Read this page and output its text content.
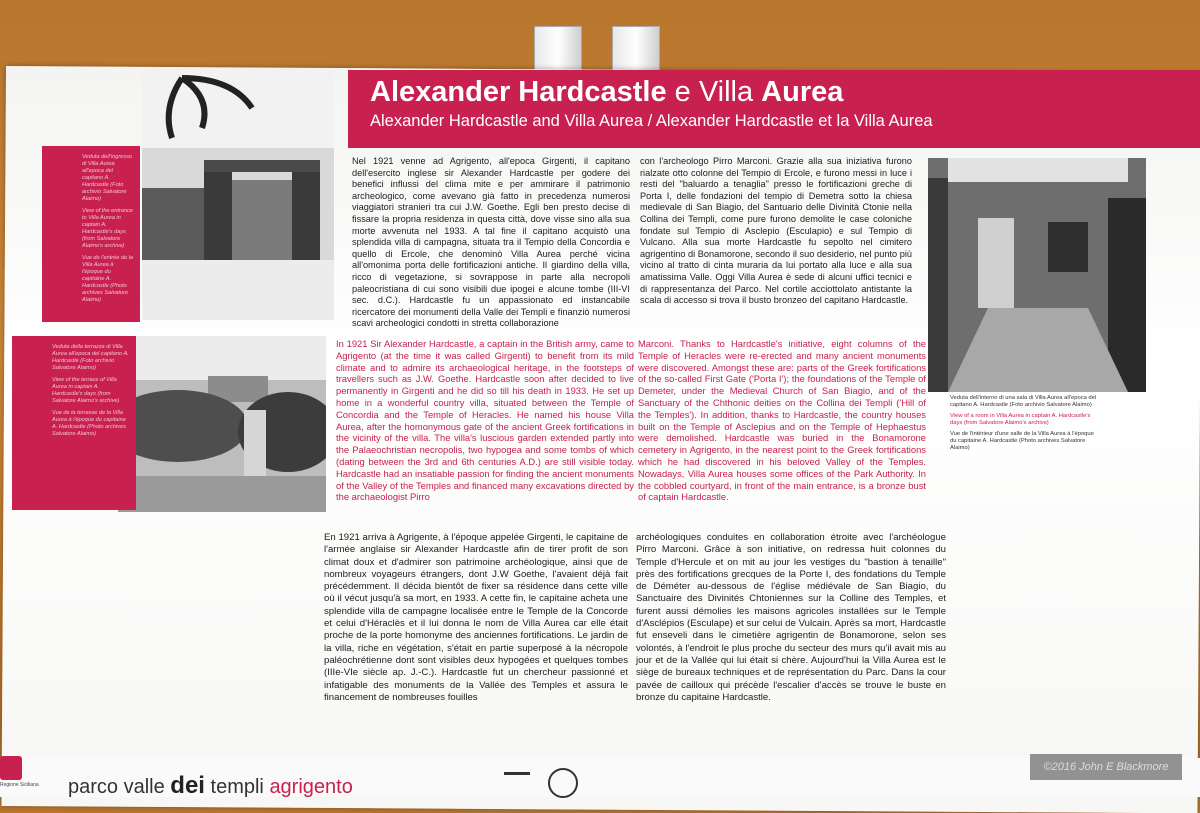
Alexander Hardcastle e Villa Aurea
Alexander Hardcastle and Villa Aurea / Alexander Hardcastle et la Villa Aurea

Veduta dell'ingresso di Villa Aurea all'epoca del capitano A. Hardcastle (Foto archivio Salvatore Alaimo)

View of the entrance to Villa Aurea in captain A. Hardcastle's days (from Salvatore Alaimo's archive)

Vue de l'entrée de la Villa Aurea à l'époque du capitaine A. Hardcastle (Photo archives Salvatore Alaimo)

Veduta della terrazza di Villa Aurea all'epoca del capitano A. Hardcastle (Foto archivio Salvatore Alaimo)

View of the terrace of Villa Aurea in captain A. Hardcastle's days (from Salvatore Alaimo's archive)

Vue de la terrasse de la Villa Aurea à l'époque du capitaine A. Hardcastle (Photo archives Salvatore Alaimo)

Veduta dell'interno di una sala di Villa Aurea all'epoca del capitano A. Hardcastle (Foto archivio Salvatore Alaimo)

View of a room in Villa Aurea in captain A. Hardcastle's days (from Salvatore Alaimo's archive)

Vue de l'intérieur d'une salle de la Villa Aurea à l'époque du capitaine A. Hardcastle (Photo archives Salvatore Alaimo)

Nel 1921 venne ad Agrigento, all'epoca Girgenti, il capitano dell'esercito inglese sir Alexander Hardcastle per godere dei benefici influssi del clima mite e per ammirare il patrimonio archeologico, come avevano già fatto in precedenza numerosi viaggiatori stranieri tra cui J.W. Goethe. Egli ben presto decise di fissare la propria residenza in questa città, dove visse sino alla sua morte avvenuta nel 1933. A tal fine il capitano acquistò una splendida villa di campagna, situata tra il Tempio della Concordia e quello di Ercole, che denominò Villa Aurea perché vicina all'omonima porta delle fortificazioni antiche. Il giardino della villa, ricco di vegetazione, si sovrappose in parte alla necropoli paleocristiana di cui sono visibili due ipogei e alcune tombe (III-VI sec. d.C.). Hardcastle fu un appassionato ed instancabile ricercatore dei monumenti della Valle dei Templi e finanziò numerosi scavi archeologici condotti in stretta collaborazione

con l'archeologo Pirro Marconi. Grazie alla sua iniziativa furono rialzate otto colonne del Tempio di Ercole, e furono messi in luce i resti del "baluardo a tenaglia" presso le fortificazioni greche di Porta I, delle fondazioni del tempio di Demetra sotto la chiesa medievale di San Biagio, del Santuario delle Divinità Ctonie nella Collina dei Templi, come pure furono demolite le case coloniche fondate sul Tempio di Asclepio (Esculapio) e sul Tempio di Vulcano. Alla sua morte Hardcastle fu sepolto nel cimitero agrigentino di Bonamorone, secondo il suo desiderio, nel punto più vicino al tratto di cinta muraria da lui portato alla luce e alla sua amatissima Valle. Oggi Villa Aurea è sede di alcuni uffici tecnici e di rappresentanza del Parco. Nel cortile acciottolato antistante la scala di accesso si trova il busto bronzeo del capitano Hardcastle.

In 1921 Sir Alexander Hardcastle, a captain in the British army, came to Agrigento (at the time it was called Girgenti) to benefit from its mild climate and to admire its archaeological heritage, in the footsteps of travellers such as J.W. Goethe. Hardcastle soon after decided to live permanently in Girgenti and he did so till his death in 1933. He set up home in a wonderful country villa, situated between the Temple of Concordia and the Temple of Heracles. He named his house Villa Aurea, after the homonymous gate of the ancient Greek fortifications in the vicinity of the villa. The villa's luscious garden extended partly into the Palaeochristian necropolis, two hypogea and some tombs of which (dating between the 3rd and 6th centuries A.D.) are still visible today. Hardcastle had an insatiable passion for finding the ancient monuments of the Valley of the Temples and financed many excavations directed by the archaeologist Pirro

Marconi. Thanks to Hardcastle's initiative, eight columns of the Temple of Heracles were re-erected and many ancient monuments were discovered. Amongst these are: parts of the Greek fortifications of the so-called First Gate ('Porta I'); the foundations of the Temple of Demeter, under the Medieval Church of San Biagio, and of the Sanctuary of the Chthonic deities on the Collina dei Templi ('Hill of the Temples'). In addition, thanks to Hardcastle, the country houses built on the Temple of Asclepius and on the Temple of Hephaestus were demolished. Hardcastle was buried in the Bonamorone cemetery in Agrigento, in the nearest point to the Greek fortifications which he had discovered in his beloved Valley of the Temples. Nowadays, Villa Aurea houses some offices of the Park Authority. In the cobbled courtyard, in front of the main entrance, is a bronze bust of captain Hardcastle.

En 1921 arriva à Agrigente, à l'époque appelée Girgenti, le capitaine de l'armée anglaise sir Alexander Hardcastle afin de tirer profit de son climat doux et d'admirer son patrimoine archéologique, ainsi que de nombreux voyageurs étrangers, dont J.W Goethe, l'avaient déjà fait précédemment. Il décida bientôt de fixer sa résidence dans cette ville où il vécut jusqu'à sa mort, en 1933. A cette fin, le capitaine acheta une splendide villa de campagne localisée entre le Temple de la Concorde et celui d'Héraclès et il lui donna le nom de Villa Aurea car elle était proche de la porte homonyme des anciennes fortifications. Le jardin de la villa, riche en végétation, s'était en partie superposé à la nécropole paléochrétienne dont sont visibles deux hypogées et quelques tombes (IIIe-VIe siècle ap. J.-C.). Hardcastle fut un chercheur passionné et infatigable des monuments de la Vallée des Temples et assura le financement de nombreuses fouilles

archéologiques conduites en collaboration étroite avec l'archéologue Pirro Marconi. Grâce à son initiative, on redressa huit colonnes du Temple d'Hercule et on mit au jour les vestiges du "bastion à tenaille" près des fortifications grecques de la Porte I, des fondations du Temple de Déméter au-dessous de l'église médiévale de San Biagio, du Sanctuaire des Divinités Chtoniennes sur la Colline des Temples, et furent aussi démolies les maisons agricoles installées sur le Temple d'Asclépios (Esculape) et sur celui de Vulcain. Après sa mort, Hardcastle fut enseveli dans le cimetière agrigentin de Bonamorone, selon ses volontés, à l'endroit le plus proche du secteur des murs qu'il avait mis au jour et de la Vallée qui lui était si chère. Aujourd'hui la Villa Aurea est le siège de bureaux techniques et de représentation du Parc. Dans la cour pavée de cailloux qui précède l'escalier d'accès se trouve le buste en bronze du capitaine Hardcastle.

Regione Siciliana parco valle dei templi agrigento
©2016 John E Blackmore
